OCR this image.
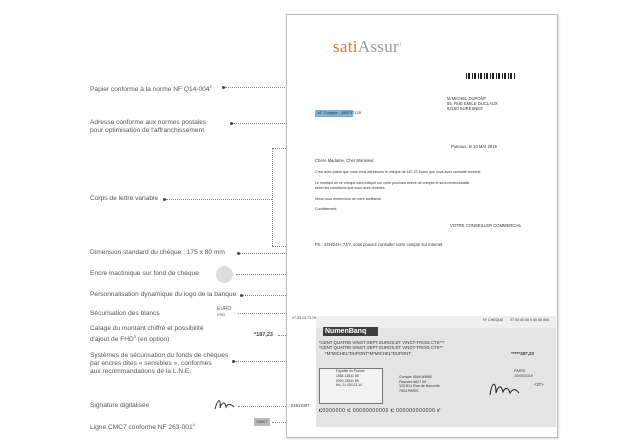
Papier conforme à la norme NF $Q14-004^2$
Adresse conforme aux normes postales
pour optimisation de l'affranchissement
Corps de lettre variable
Dimension standard du chèque : 175 x 80 mm
Encre inactinique sur fond de chèque
Personnalisation dynamique du logo de la banque
Sécurisation des blancs
EURO
FHD
Calage du montant chiffré et possibilité
d'ajout de FHD$^3$ (en option)
*187,23
Systèmes de sécurisation du fonds de chèques
par encres dites « sensibles », conformes
aux recommandations de la L.N.E.
Signature digitalisée
Ligne CMC7 conforme NF $263-001^4$
CMC7
satiAssur$^1$
M.MICHEL DUPONT
55, RUE EMILE DUCLAUX
92150 SURESNES
N° Compte : 159737125
Puteaux, le 10 MAI 2019
Chère Madame, Cher Monsieur,
C'est avec plaisir que nous vous adressons le chèque de 187,23 Euros que vous avez souhaité recevoir.
Le montant de ce chèque sera indiqué sur votre prochain relevé de compte et sera remboursable
selon les conditions que vous avez choisies.
Nous vous remercions de votre confiance.
Cordialement,
VOTRE CONSEILLER COMMERCIAL
PS : 24H/24H, 7J/7, vous pouvez consulter votre compte sur internet
07.53.13.73.76	N° CHEQUE 07 00 00 00 0 00 00 000
NumenBanq
*CENT QUATRE-VINGT SEPT EUROS ET VINGT-TROIS CTS***
*CENT QUATRE-VINGT SEPT EUROS ET VINGT-TROIS CTS**
*M*MICHEL*DUPONT*M*MICHEL*DUPONT	*****187,23
Payable en France
1584 13641 88
0000 13641 89
No. 21.454.23.14
Compte 4548 60888
Pasrvier 8827 59
125 B11 Rue de Nouvelle
7503 PARIS
PARIS
10/05/2019
<27>
01611007
⑆0000000 ⑆ 00000000000 ⑆ 000000000000 ⑈
